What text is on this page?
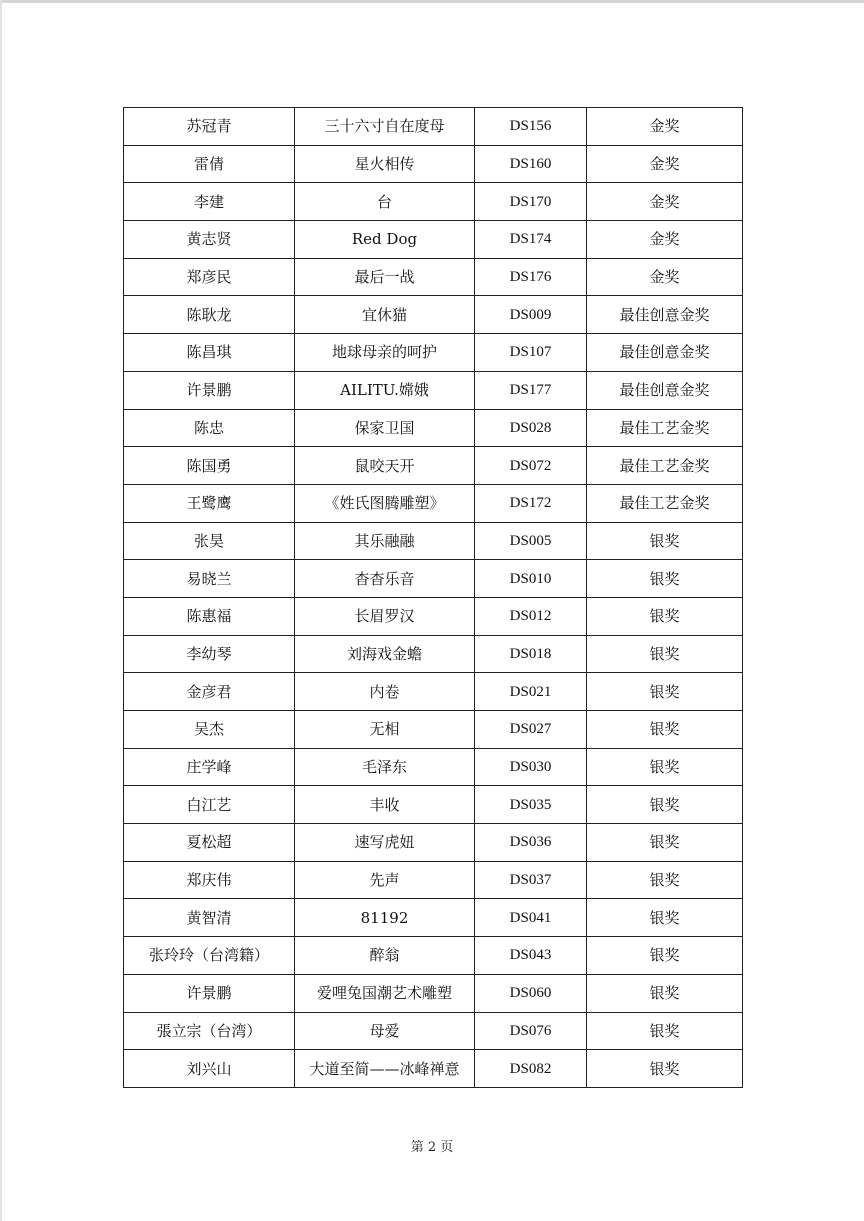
苏冠青	三十六寸自在度母	DS156	金奖
雷倩	星火相传	DS160	金奖
李建	台	DS170	金奖
黄志贤	Red Dog	DS174	金奖
郑彦民	最后一战	DS176	金奖
陈耿龙	宜休猫	DS009	最佳创意金奖
陈昌琪	地球母亲的呵护	DS107	最佳创意金奖
许景鹏	AILITU.嫦娥	DS177	最佳创意金奖
陈忠	保家卫国	DS028	最佳工艺金奖
陈国勇	鼠咬天开	DS072	最佳工艺金奖
王鹭鹰	《姓氏图腾雕塑》	DS172	最佳工艺金奖
张昊	其乐融融	DS005	银奖
易晓兰	杳杳乐音	DS010	银奖
陈惠福	长眉罗汉	DS012	银奖
李幼琴	刘海戏金蟾	DS018	银奖
金彦君	内卷	DS021	银奖
吴杰	无相	DS027	银奖
庄学峰	毛泽东	DS030	银奖
白江艺	丰收	DS035	银奖
夏松超	速写虎妞	DS036	银奖
郑庆伟	先声	DS037	银奖
黄智清	81192	DS041	银奖
张玲玲（台湾籍）	醉翁	DS043	银奖
许景鹏	爱哩兔国潮艺术雕塑	DS060	银奖
張立宗（台湾）	母爱	DS076	银奖
刘兴山	大道至简——冰峰禅意	DS082	银奖
第 2 页
